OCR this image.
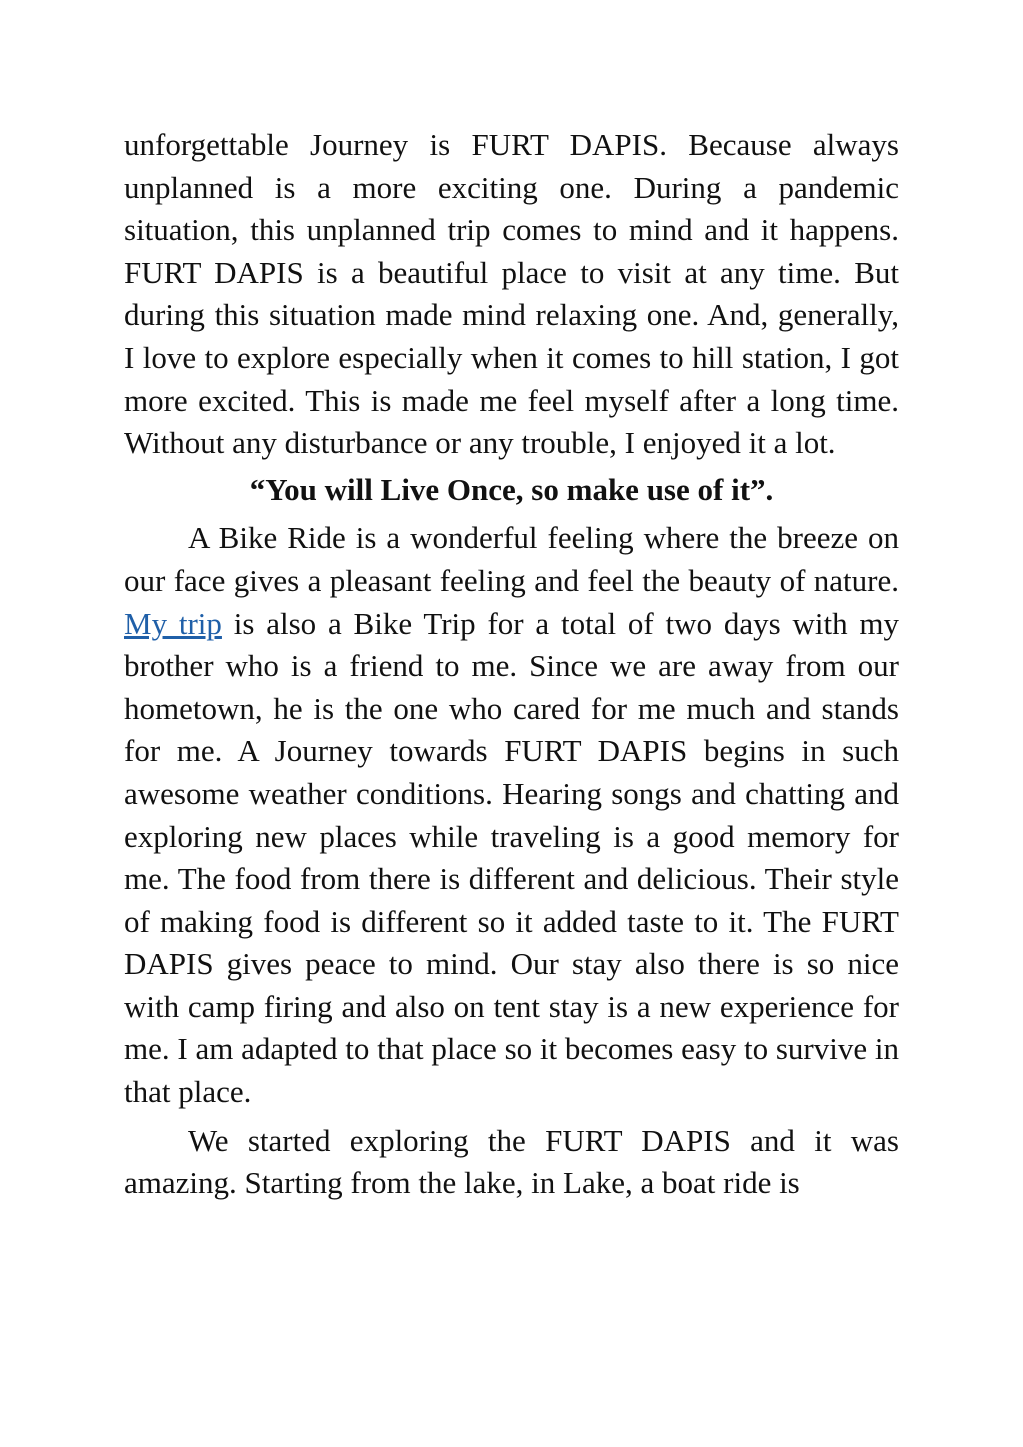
unforgettable Journey is FURT DAPIS. Because always unplanned is a more exciting one. During a pandemic situation, this unplanned trip comes to mind and it happens. FURT DAPIS is a beautiful place to visit at any time. But during this situation made mind relaxing one. And, generally, I love to explore especially when it comes to hill station, I got more excited. This is made me feel myself after a long time. Without any disturbance or any trouble, I enjoyed it a lot.

“You will Live Once, so make use of it”.

A Bike Ride is a wonderful feeling where the breeze on our face gives a pleasant feeling and feel the beauty of nature. My trip is also a Bike Trip for a total of two days with my brother who is a friend to me. Since we are away from our hometown, he is the one who cared for me much and stands for me. A Journey towards FURT DAPIS begins in such awesome weather conditions. Hearing songs and chatting and exploring new places while traveling is a good memory for me. The food from there is different and delicious. Their style of making food is different so it added taste to it. The FURT DAPIS gives peace to mind. Our stay also there is so nice with camp firing and also on tent stay is a new experience for me. I am adapted to that place so it becomes easy to survive in that place.

We started exploring the FURT DAPIS and it was amazing. Starting from the lake, in Lake, a boat ride is
